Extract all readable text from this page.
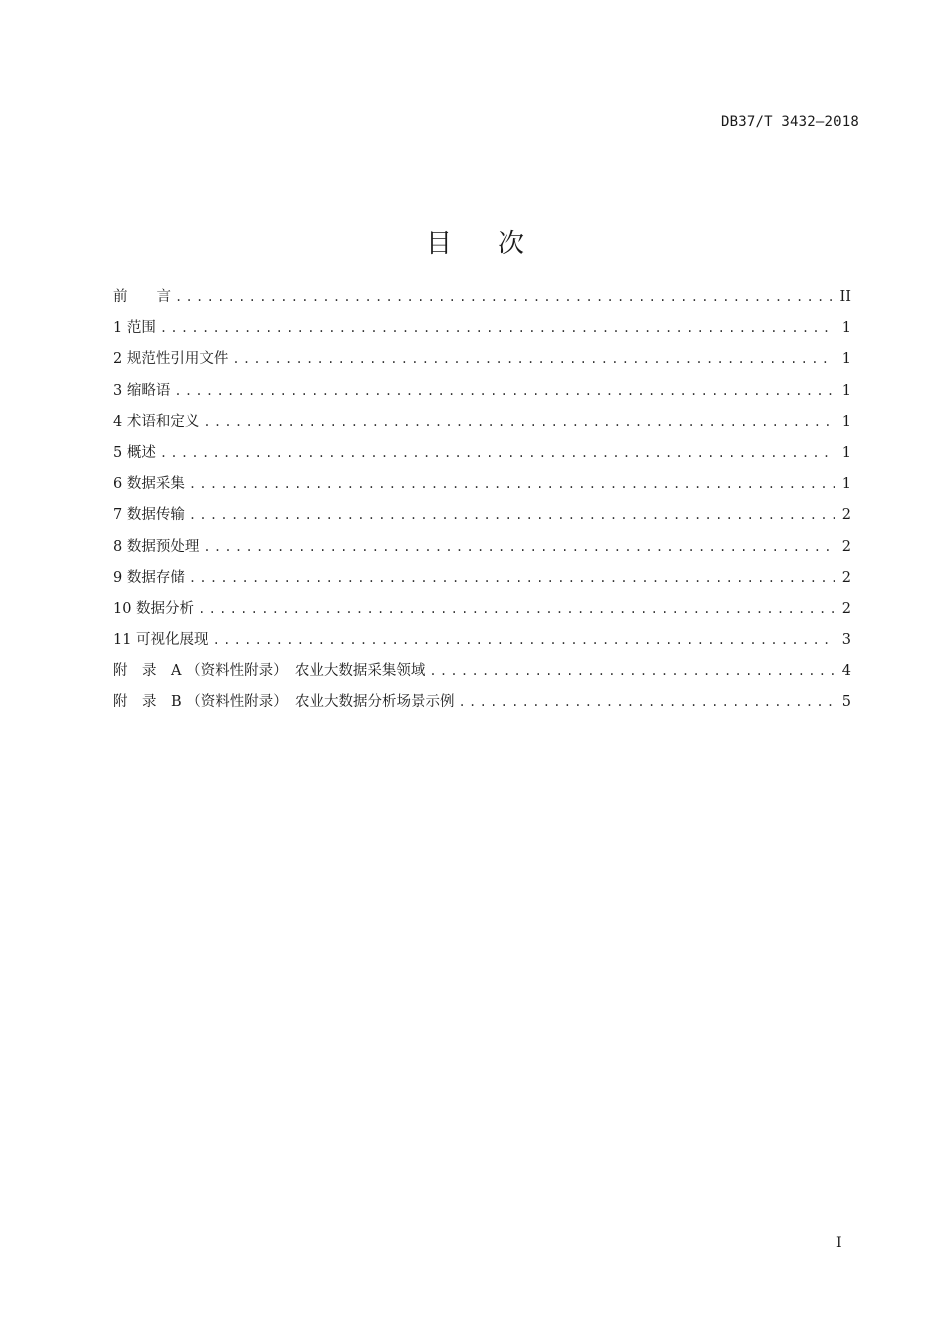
DB37/T 3432—2018
目 次
前　　言 .....	II
1 范围 .....	1
2 规范性引用文件 .....	1
3 缩略语 .....	1
4 术语和定义 .....	1
5 概述 .....	1
6 数据采集 .....	1
7 数据传输 .....	2
8 数据预处理 .....	2
9 数据存储 .....	2
10 数据分析 .....	2
11 可视化展现 .....	3
附　录　A （资料性附录）　农业大数据采集领域 .....	4
附　录　B （资料性附录）　农业大数据分析场景示例 .....	5
I
